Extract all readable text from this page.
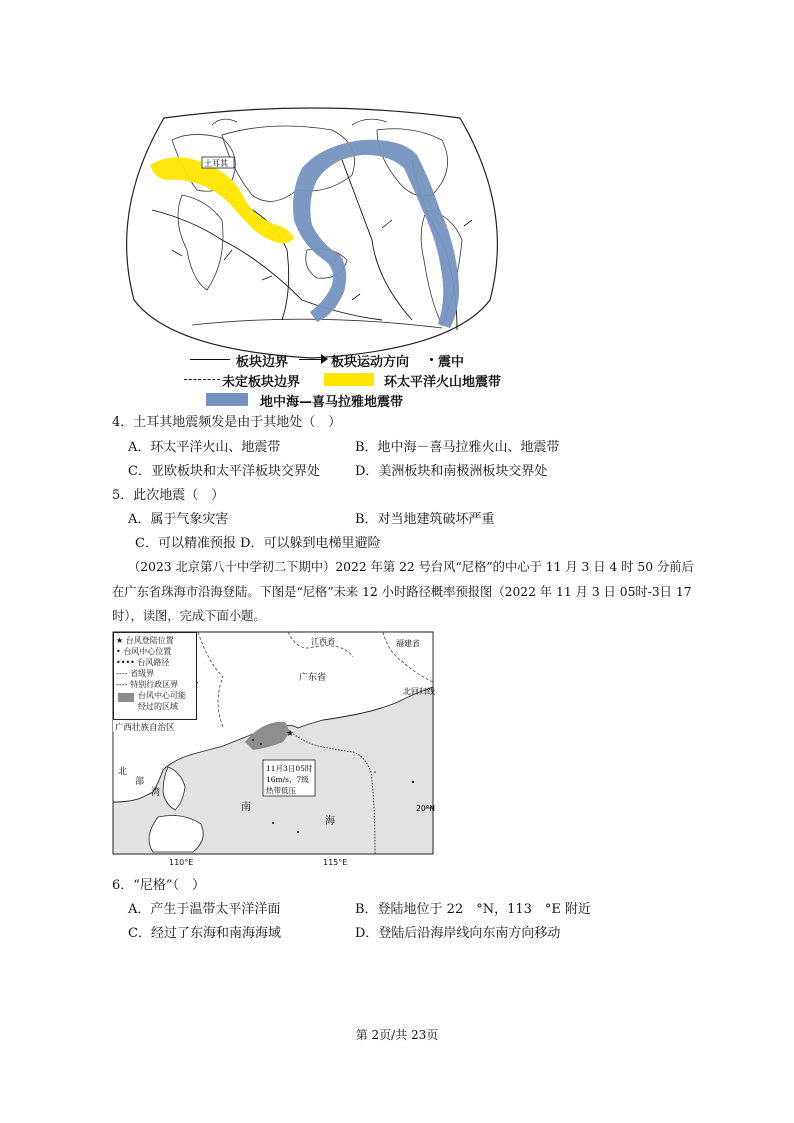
土耳其
板块边界	板块运动方向 震中
未定板块边界	环太平洋火山地震带
地中海—喜马拉雅地震带
4．土耳其地震频发是由于其地处（　）
A．环太平洋火山、地震带	B．地中海－喜马拉雅火山、地震带
C．亚欧板块和太平洋板块交界处	D．美洲板块和南极洲板块交界处
5．此次地震（　）
A．属于气象灾害	B．对当地建筑破坏严重
C．可以精准预报 D．可以躲到电梯里避险
（2023 北京第八十中学初二下期中）2022 年第 22 号台风“尼格”的中心于 11 月 3 日 4 时 50 分前后
在广东省珠海市沿海登陆。下图是“尼格”未来 12 小时路径概率预报图（2022 年 11 月 3 日 05时-3日 17
时），读图，完成下面小题。
★
11月3日05时
16m/s，7级
热带低压
北回归线
江西省	福建省
广东省
广西壮族自治区
北
部
湾
南
海
20°N
★ 台风登陆位置
• 台风中心位置
•••• 台风路径
---- 省级界
---- 特别行政区界
台风中心可能
经过的区域
110°E	115°E
6．“尼格”（　）
A．产生于温带太平洋洋面	B．登陆地位于 22　°N，113　°E 附近
C．经过了东海和南海海域	D．登陆后沿海岸线向东南方向移动
第 2页/共 23页
